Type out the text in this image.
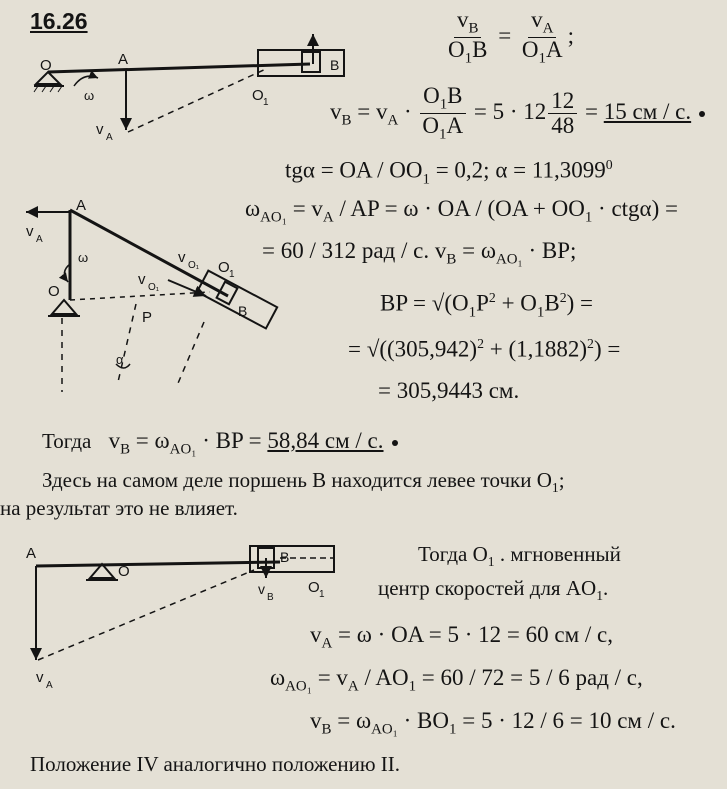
16.26	$\frac{v_B}{O_1B} = \frac{v_A}{O_1A}$ ;
$v_B = v_A \cdot \frac{O_1B}{O_1A} = 5 \cdot 12 \frac{12}{48} = 15$ см / с.
tgα = OA / $OO_1 = 0,2$; $\alpha = 11,3099^0$
$\omega_{AO_1} = v_A$ / AP = ω · OA / $(OA + OO_1 \cdot ctg\alpha)$ =
= 60 / 312 рад / с. $v_B = \omega_{AO_1}$ · BP;
BP = $√(O_1P^2 + O_1B^2)$ =
= $√((305,942)^2 + (1,1882)^2)$ =
= 305,9443 см.
Тогда $v_B = \omega_{AO_1}$ · BP = 58,84 см / с.
Здесь на самом деле поршень B находится левее точки $O_1$;
на результат это не влияет.
Тогда $O_1$ . мгновенный
центр скоростей для $AO_1$.
$v_A = \omega$ · OA = 5 · 12 = 60 см / с,
$\omega_{AO_1} = v_A / AO_1 = 60 / 72 = 5 / 6$ рад / с,
$v_B = \omega_{AO_1} \cdot BO_1 = 5 \cdot 12 / 6 = 10$ см / с.
Положение IV аналогично положению II.
O	A	B
ω
v A
O 1
A
v A
ω
O
v O₁
v O₁
O 1
B
P
α
A
O
B
v
B
O 1
v A
